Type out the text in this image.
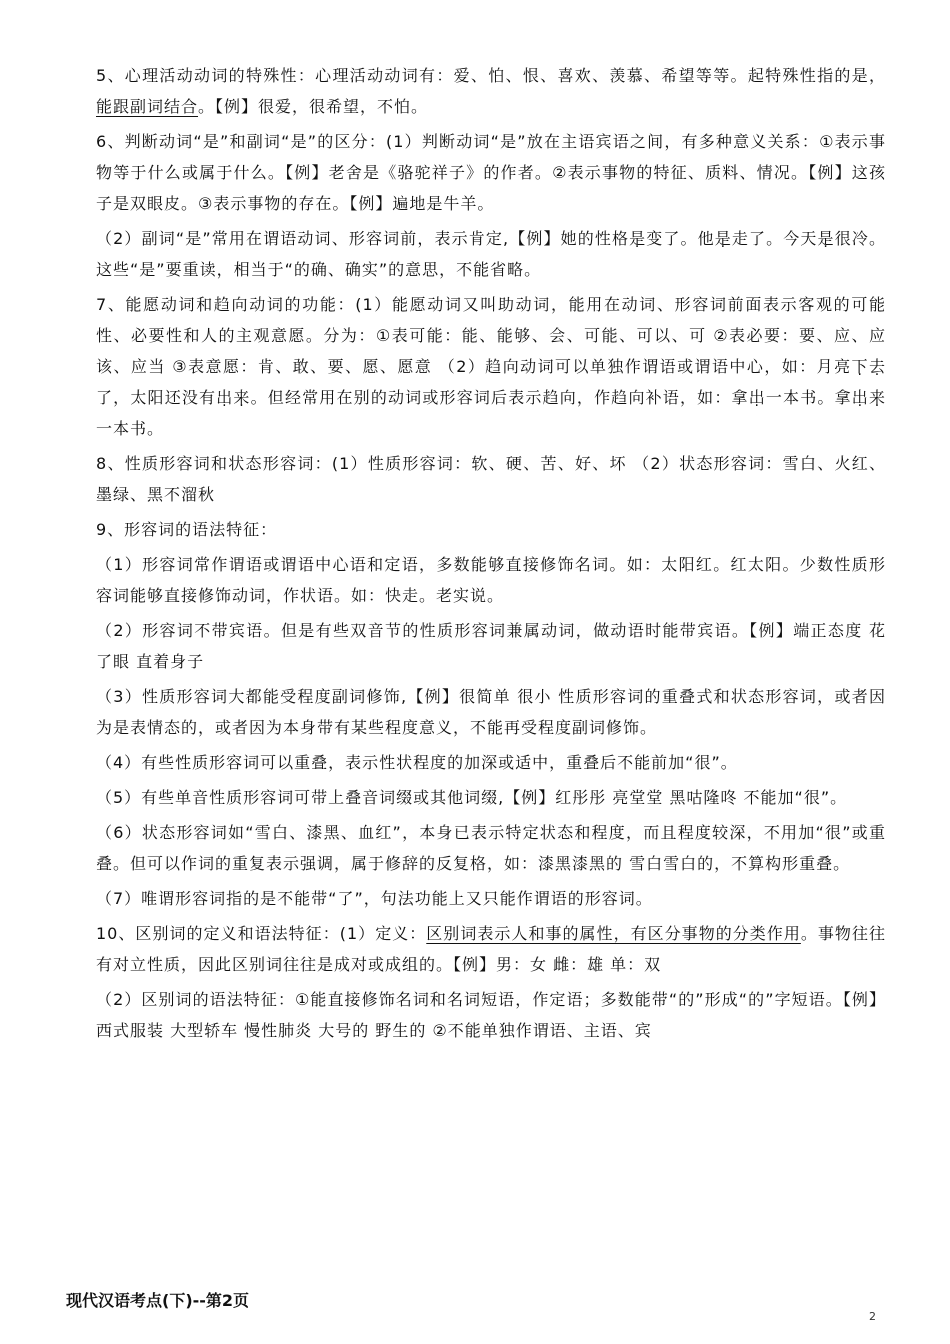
5、心理活动动词的特殊性：心理活动动词有：爱、怕、恨、喜欢、羡慕、希望等等。起特殊性指的是，能跟副词结合。【例】很爱，很希望，不怕。

6、判断动词“是”和副词“是”的区分：(1）判断动词“是”放在主语宾语之间，有多种意义关系：①表示事物等于什么或属于什么。【例】老舍是《骆驼祥子》的作者。②表示事物的特征、质料、情况。【例】这孩子是双眼皮。③表示事物的存在。【例】遍地是牛羊。

（2）副词“是”常用在谓语动词、形容词前，表示肯定,【例】她的性格是变了。他是走了。今天是很冷。这些“是”要重读，相当于“的确、确实”的意思，不能省略。

7、能愿动词和趋向动词的功能：(1）能愿动词又叫助动词，能用在动词、形容词前面表示客观的可能性、必要性和人的主观意愿。分为：①表可能：能、能够、会、可能、可以、可 ②表必要：要、应、应该、应当 ③表意愿：肯、敢、要、愿、愿意 （2）趋向动词可以单独作谓语或谓语中心，如：月亮下去了，太阳还没有出来。但经常用在别的动词或形容词后表示趋向，作趋向补语，如：拿出一本书。拿出来一本书。

8、性质形容词和状态形容词：(1）性质形容词：软、硬、苦、好、坏 （2）状态形容词：雪白、火红、墨绿、黑不溜秋

9、形容词的语法特征：

（1）形容词常作谓语或谓语中心语和定语，多数能够直接修饰名词。如：太阳红。红太阳。少数性质形容词能够直接修饰动词，作状语。如：快走。老实说。

（2）形容词不带宾语。但是有些双音节的性质形容词兼属动词，做动语时能带宾语。【例】端正态度 花了眼 直着身子

（3）性质形容词大都能受程度副词修饰,【例】很简单 很小 性质形容词的重叠式和状态形容词，或者因为是表情态的，或者因为本身带有某些程度意义，不能再受程度副词修饰。

（4）有些性质形容词可以重叠，表示性状程度的加深或适中，重叠后不能前加“很”。

（5）有些单音性质形容词可带上叠音词缀或其他词缀,【例】红彤彤 亮堂堂 黑咕隆咚 不能加“很”。

（6）状态形容词如“雪白、漆黑、血红”，本身已表示特定状态和程度，而且程度较深，不用加“很”或重叠。但可以作词的重复表示强调，属于修辞的反复格，如：漆黑漆黑的 雪白雪白的，不算构形重叠。

（7）唯谓形容词指的是不能带“了”，句法功能上又只能作谓语的形容词。

10、区别词的定义和语法特征：(1）定义：区别词表示人和事的属性，有区分事物的分类作用。事物往往有对立性质，因此区别词往往是成对或成组的。【例】男：女 雌：雄 单：双

（2）区别词的语法特征：①能直接修饰名词和名词短语，作定语；多数能带“的”形成“的”字短语。【例】西式服装 大型轿车 慢性肺炎 大号的 野生的 ②不能单独作谓语、主语、宾

现代汉语考点(下)--第2页
2
